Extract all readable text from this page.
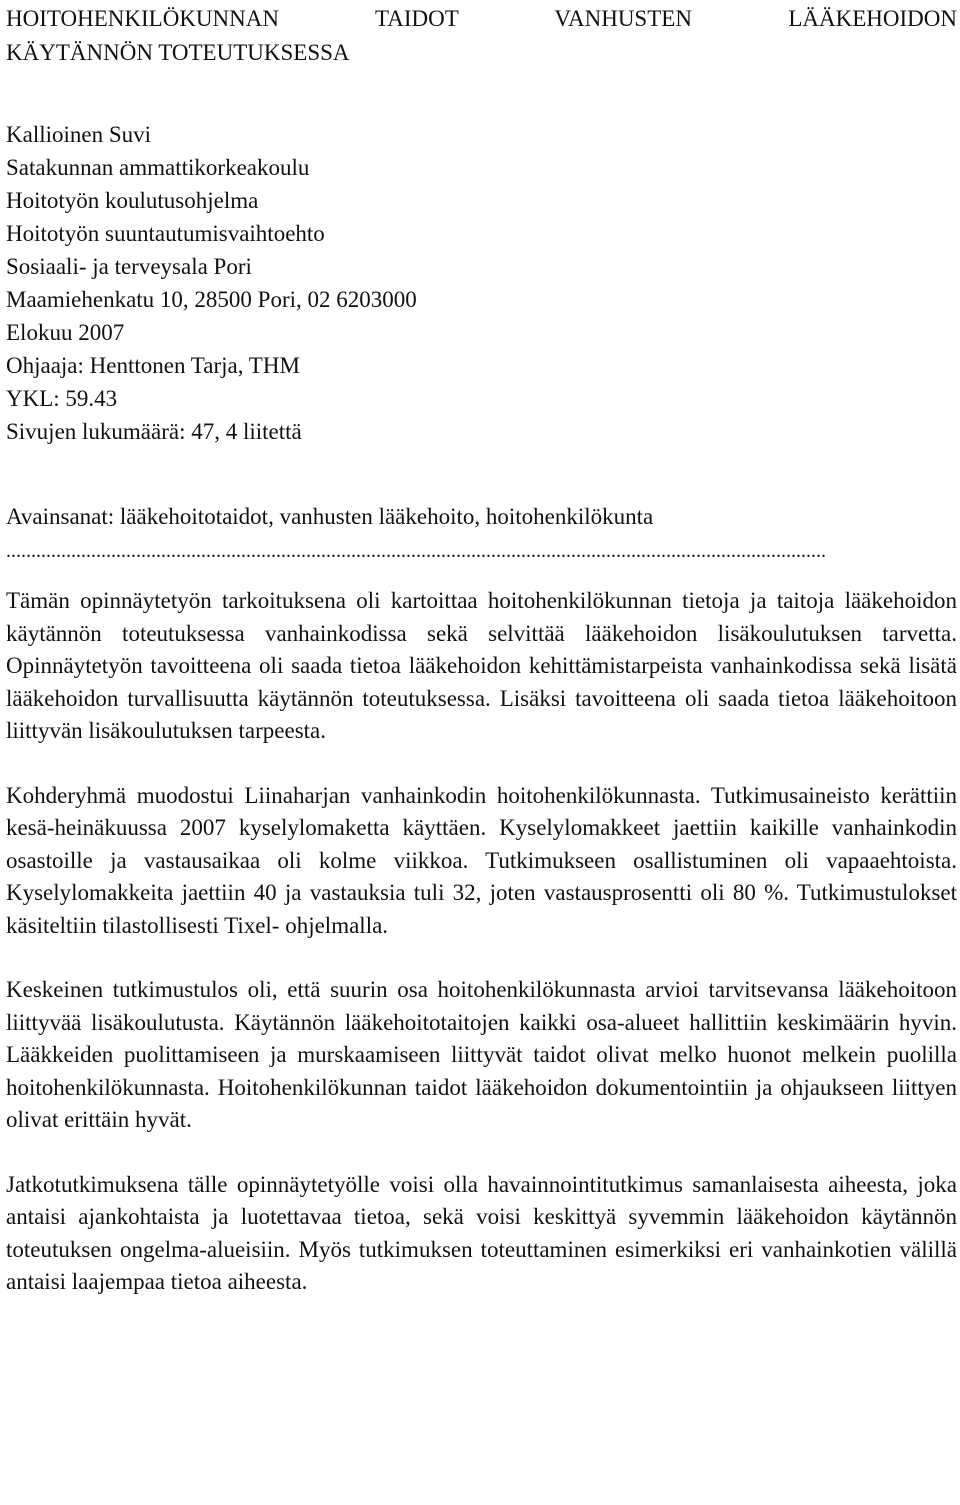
HOITOHENKILÖKUNNAN TAIDOT VANHUSTEN LÄÄKEHOIDON
KÄYTÄNNÖN TOTEUTUKSESSA
Kallioinen Suvi
Satakunnan ammattikorkeakoulu
Hoitotyön koulutusohjelma
Hoitotyön suuntautumisvaihtoehto
Sosiaali- ja terveysala Pori
Maamiehenkatu 10, 28500 Pori, 02 6203000
Elokuu 2007
Ohjaaja: Henttonen Tarja, THM
YKL: 59.43
Sivujen lukumäärä: 47, 4 liitettä
Avainsanat: lääkehoitotaidot, vanhusten lääkehoito, hoitohenkilökunta
....................................................................................................................................................................

Tämän opinnäytetyön tarkoituksena oli kartoittaa hoitohenkilökunnan tietoja ja taitoja lääkehoidon käytännön toteutuksessa vanhainkodissa sekä selvittää lääkehoidon lisäkoulutuksen tarvetta. Opinnäytetyön tavoitteena oli saada tietoa lääkehoidon kehittämistarpeista vanhainkodissa sekä lisätä lääkehoidon turvallisuutta käytännön toteutuksessa. Lisäksi tavoitteena oli saada tietoa lääkehoitoon liittyvän lisäkoulutuksen tarpeesta.

Kohderyhmä muodostui Liinaharjan vanhainkodin hoitohenkilökunnasta. Tutkimusaineisto kerättiin kesä-heinäkuussa 2007 kyselylomaketta käyttäen. Kyselylomakkeet jaettiin kaikille vanhainkodin osastoille ja vastausaikaa oli kolme viikkoa. Tutkimukseen osallistuminen oli vapaaehtoista. Kyselylomakkeita jaettiin 40 ja vastauksia tuli 32, joten vastausprosentti oli 80 %. Tutkimustulokset käsiteltiin tilastollisesti Tixel- ohjelmalla.

Keskeinen tutkimustulos oli, että suurin osa hoitohenkilökunnasta arvioi tarvitsevansa lääkehoitoon liittyvää lisäkoulutusta. Käytännön lääkehoitotaitojen kaikki osa-alueet hallittiin keskimäärin hyvin. Lääkkeiden puolittamiseen ja murskaamiseen liittyvät taidot olivat melko huonot melkein puolilla hoitohenkilökunnasta. Hoitohenkilökunnan taidot lääkehoidon dokumentointiin ja ohjaukseen liittyen olivat erittäin hyvät.

Jatkotutkimuksena tälle opinnäytetyölle voisi olla havainnointitutkimus samanlaisesta aiheesta, joka antaisi ajankohtaista ja luotettavaa tietoa, sekä voisi keskittyä syvemmin lääkehoidon käytännön toteutuksen ongelma-alueisiin. Myös tutkimuksen toteuttaminen esimerkiksi eri vanhainkotien välillä antaisi laajempaa tietoa aiheesta.
